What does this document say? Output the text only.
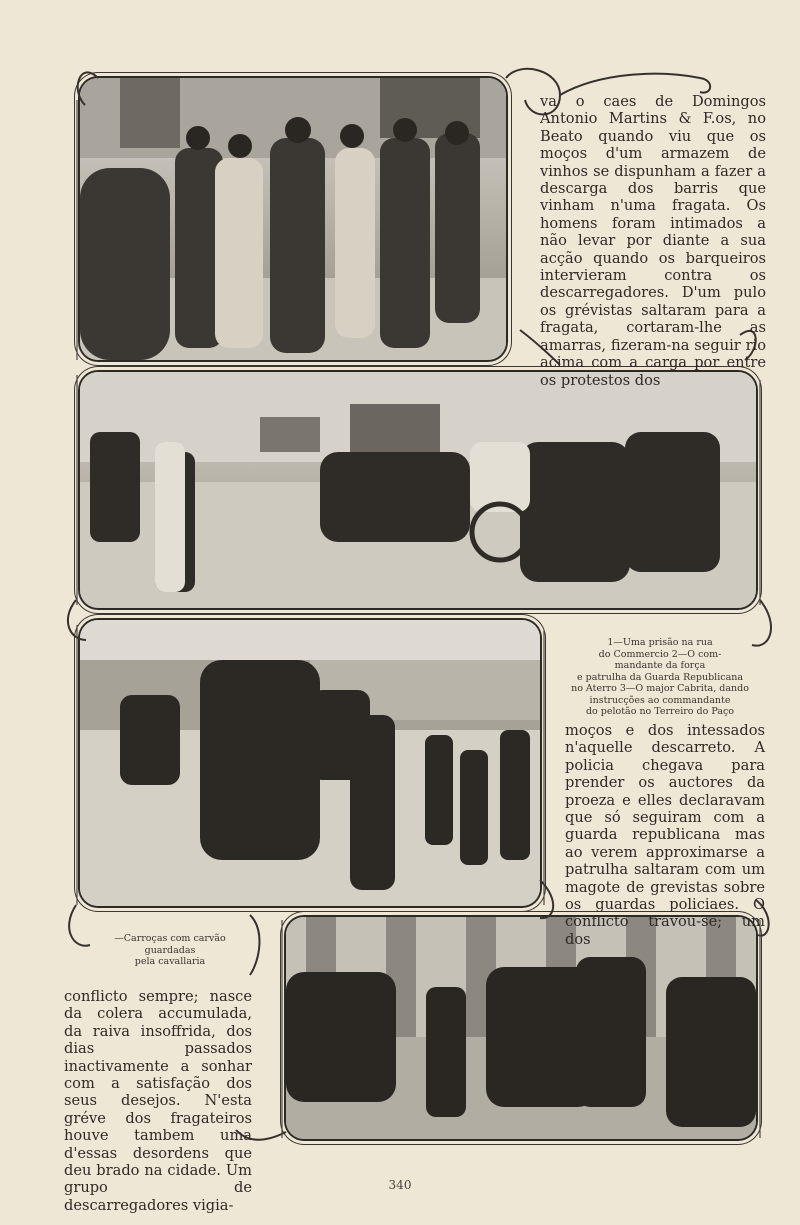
va o caes de Domingos Antonio Martins & F.os, no Beato quando viu que os moços d'um armazem de vinhos se dispunham a fazer a descarga dos barris que vinham n'uma fragata. Os homens foram intimados a não levar por diante a sua acção quando os barqueiros intervieram contra os descarregadores. D'um pulo os grévistas saltaram para a fragata, cortaram-lhe as amarras, fizeram-na seguir rio acima com a carga por entre os protestos dos

1—Uma prisão na rua
do Commercio 2—O com-
mandante da força
e patrulha da Guarda Republicana
no Aterro 3—O major Cabrita, dando
instrucções ao commandante
do pelotão no Terreiro do Paço

moços e dos intessados n'aquelle descarreto. A policia chegava para prender os auctores da proeza e elles declaravam que só seguiram com a guarda republicana mas ao verem approximarse a patrulha saltaram com um magote de grevistas sobre os guardas policiaes. O conflicto travou-se; um dos

—Carroças com carvão
guardadas
pela cavallaria

conflicto sempre; nasce da colera accumulada, da raiva insoffrida, dos dias passados inactivamente a sonhar com a satisfação dos seus desejos. N'esta gréve dos fragateiros houve tambem uma d'essas desordens que deu brado na cidade. Um grupo de descarregadores vigia-

340
